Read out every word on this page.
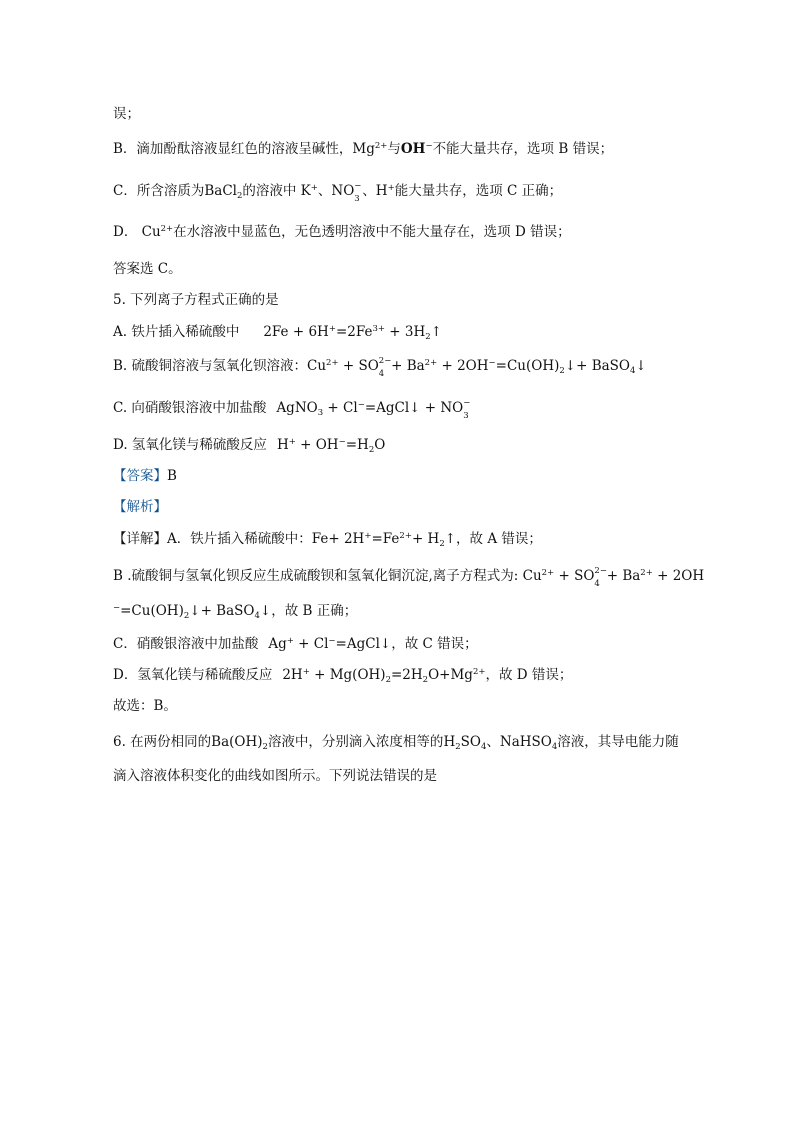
误；
B．滴加酚酞溶液显红色的溶液呈碱性，$Mg^{2+}$与OH−不能大量共存，选项 B 错误；
C．所含溶质为BaCl$_2$的溶液中 K+、NO −
3 、H+能大量共存，选项 C 正确；
D． $Cu^{2+}$在水溶液中显蓝色，无色透明溶液中不能大量存在，选项 D 错误；
答案选 C。
5. 下列离子方程式正确的是
A. 铁片插入稀硫酸中 $2Fe + 6H^+=2Fe^{3+}$ + $3H_2↑$
B. 硫酸铜溶液与氢氧化钡溶液：$Cu^{2+}$ + SO 2−
$4 + Ba^{2+}$ + $2OH^-=Cu(OH)_2↓+$ BaSO$_4$↓
C. 向硝酸银溶液中加盐酸 AgNO$_3$ + Cl−=AgCl↓ + NO −
3
D. 氢氧化镁与稀硫酸反应 $H^+ + OH^-=H_2O$
【答案】B
【解析】
【详解】A．铁片插入稀硫酸中：$Fe+ 2H^+=Fe^{2+}+$ $H_2↑$，故 A 错误；
B .硫酸铜与氢氧化钡反应生成硫酸钡和氢氧化铜沉淀,离子方程式为: $Cu^{2+}$ + SO 2−
$4 + Ba^{2+} + 2OH$
$^-=Cu(OH)_2↓+$ BaSO$_4$↓，故 B 正确；
C．硝酸银溶液中加盐酸 Ag+ + Cl−=AgCl↓，故 C 错误；
D．氢氧化镁与稀硫酸反应 $2H^+ + Mg(OH)_2=2H_2O+Mg^{2+}$，故 D 错误；
故选：B。
6. 在两份相同的$Ba(OH)_2$溶液中，分别滴入浓度相等的$H_2SO_4$、NaHSO$_4$溶液，其导电能力随
滴入溶液体积变化的曲线如图所示。下列说法错误的是
